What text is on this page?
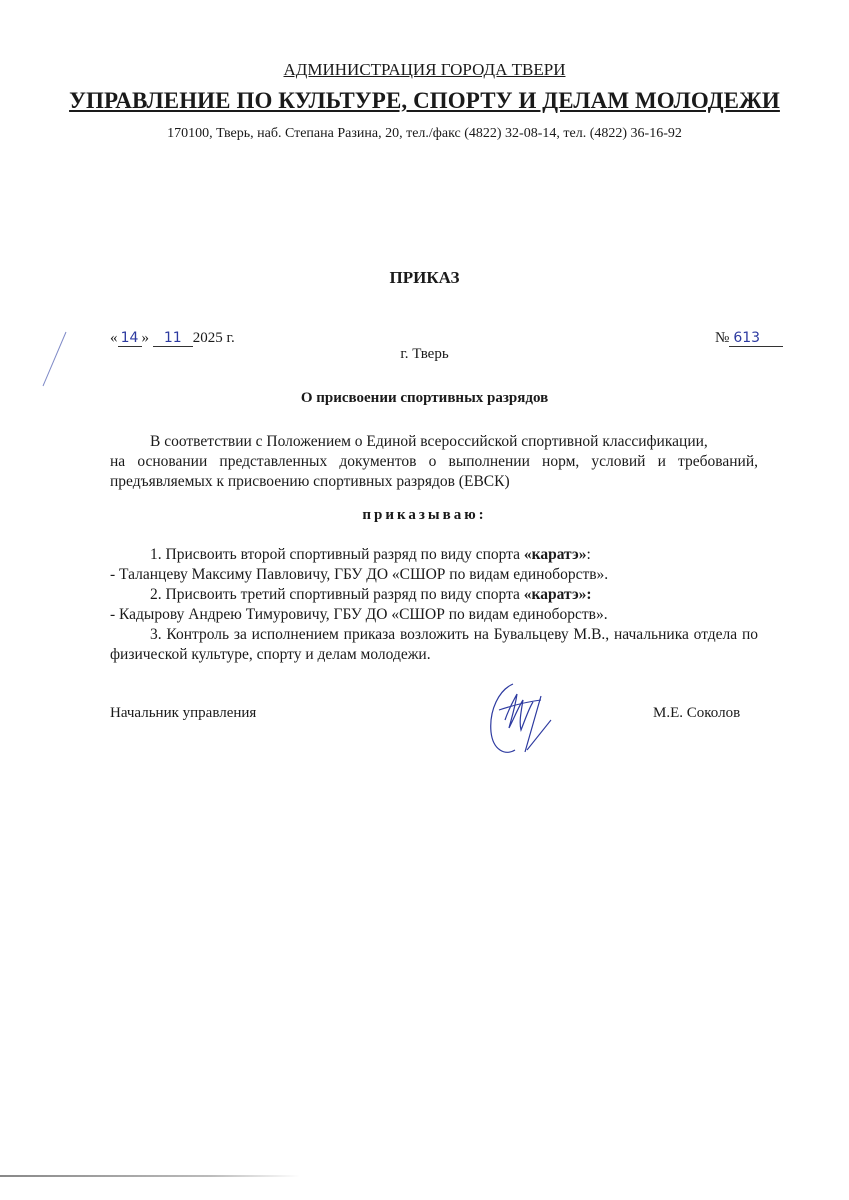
АДМИНИСТРАЦИЯ ГОРОДА ТВЕРИ
УПРАВЛЕНИЕ ПО КУЛЬТУРЕ, СПОРТУ И ДЕЛАМ МОЛОДЕЖИ
170100, Тверь, наб. Степана Разина, 20, тел./факс (4822) 32-08-14, тел. (4822) 36-16-92
ПРИКАЗ
« 14 » 11 2025 г.	№ 613
г. Тверь
О присвоении спортивных разрядов
В соответствии с Положением о Единой всероссийской спортивной классификации,
на основании представленных документов о выполнении норм, условий и требований,
предъявляемых к присвоению спортивных разрядов (ЕВСК)
приказываю:
1. Присвоить второй спортивный разряд по виду спорта «каратэ»:
- Таланцеву Максиму Павловичу, ГБУ ДО «СШОР по видам единоборств».
2. Присвоить третий спортивный разряд по виду спорта «каратэ»:
- Кадырову Андрею Тимуровичу, ГБУ ДО «СШОР по видам единоборств».
3. Контроль за исполнением приказа возложить на Бувальцеву М.В., начальника отдела по физической культуре, спорту и делам молодежи.
Начальник управления	М.Е. Соколов
